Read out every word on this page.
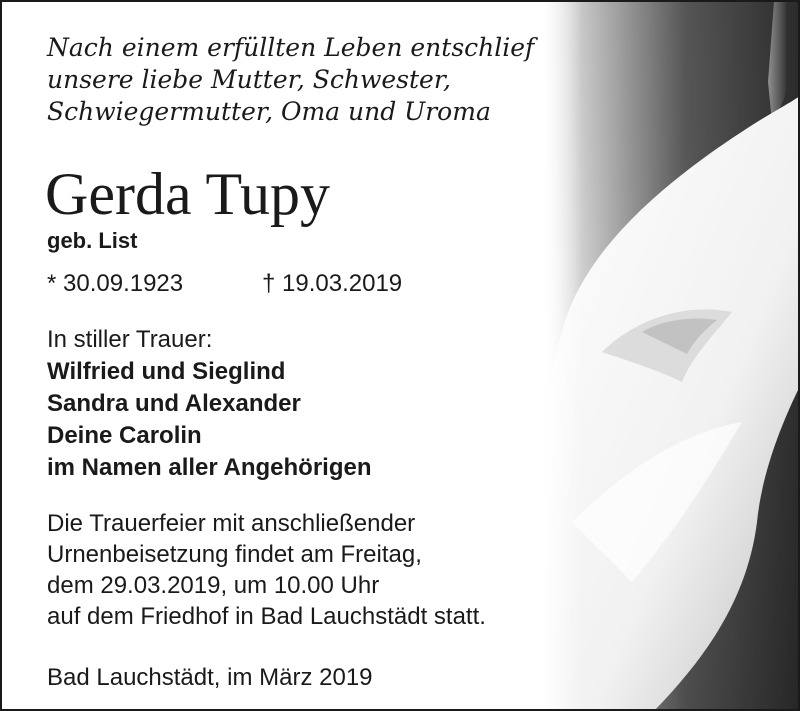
Nach einem erfüllten Leben entschlief
unsere liebe Mutter, Schwester,
Schwiegermutter, Oma und Uroma
Gerda Tupy
geb. List
* 30.09.1923	† 19.03.2019
In stiller Trauer:
Wilfried und Sieglind
Sandra und Alexander
Deine Carolin
im Namen aller Angehörigen
Die Trauerfeier mit anschließender
Urnenbeisetzung findet am Freitag,
dem 29.03.2019, um 10.00 Uhr
auf dem Friedhof in Bad Lauchstädt statt.
Bad Lauchstädt, im März 2019
